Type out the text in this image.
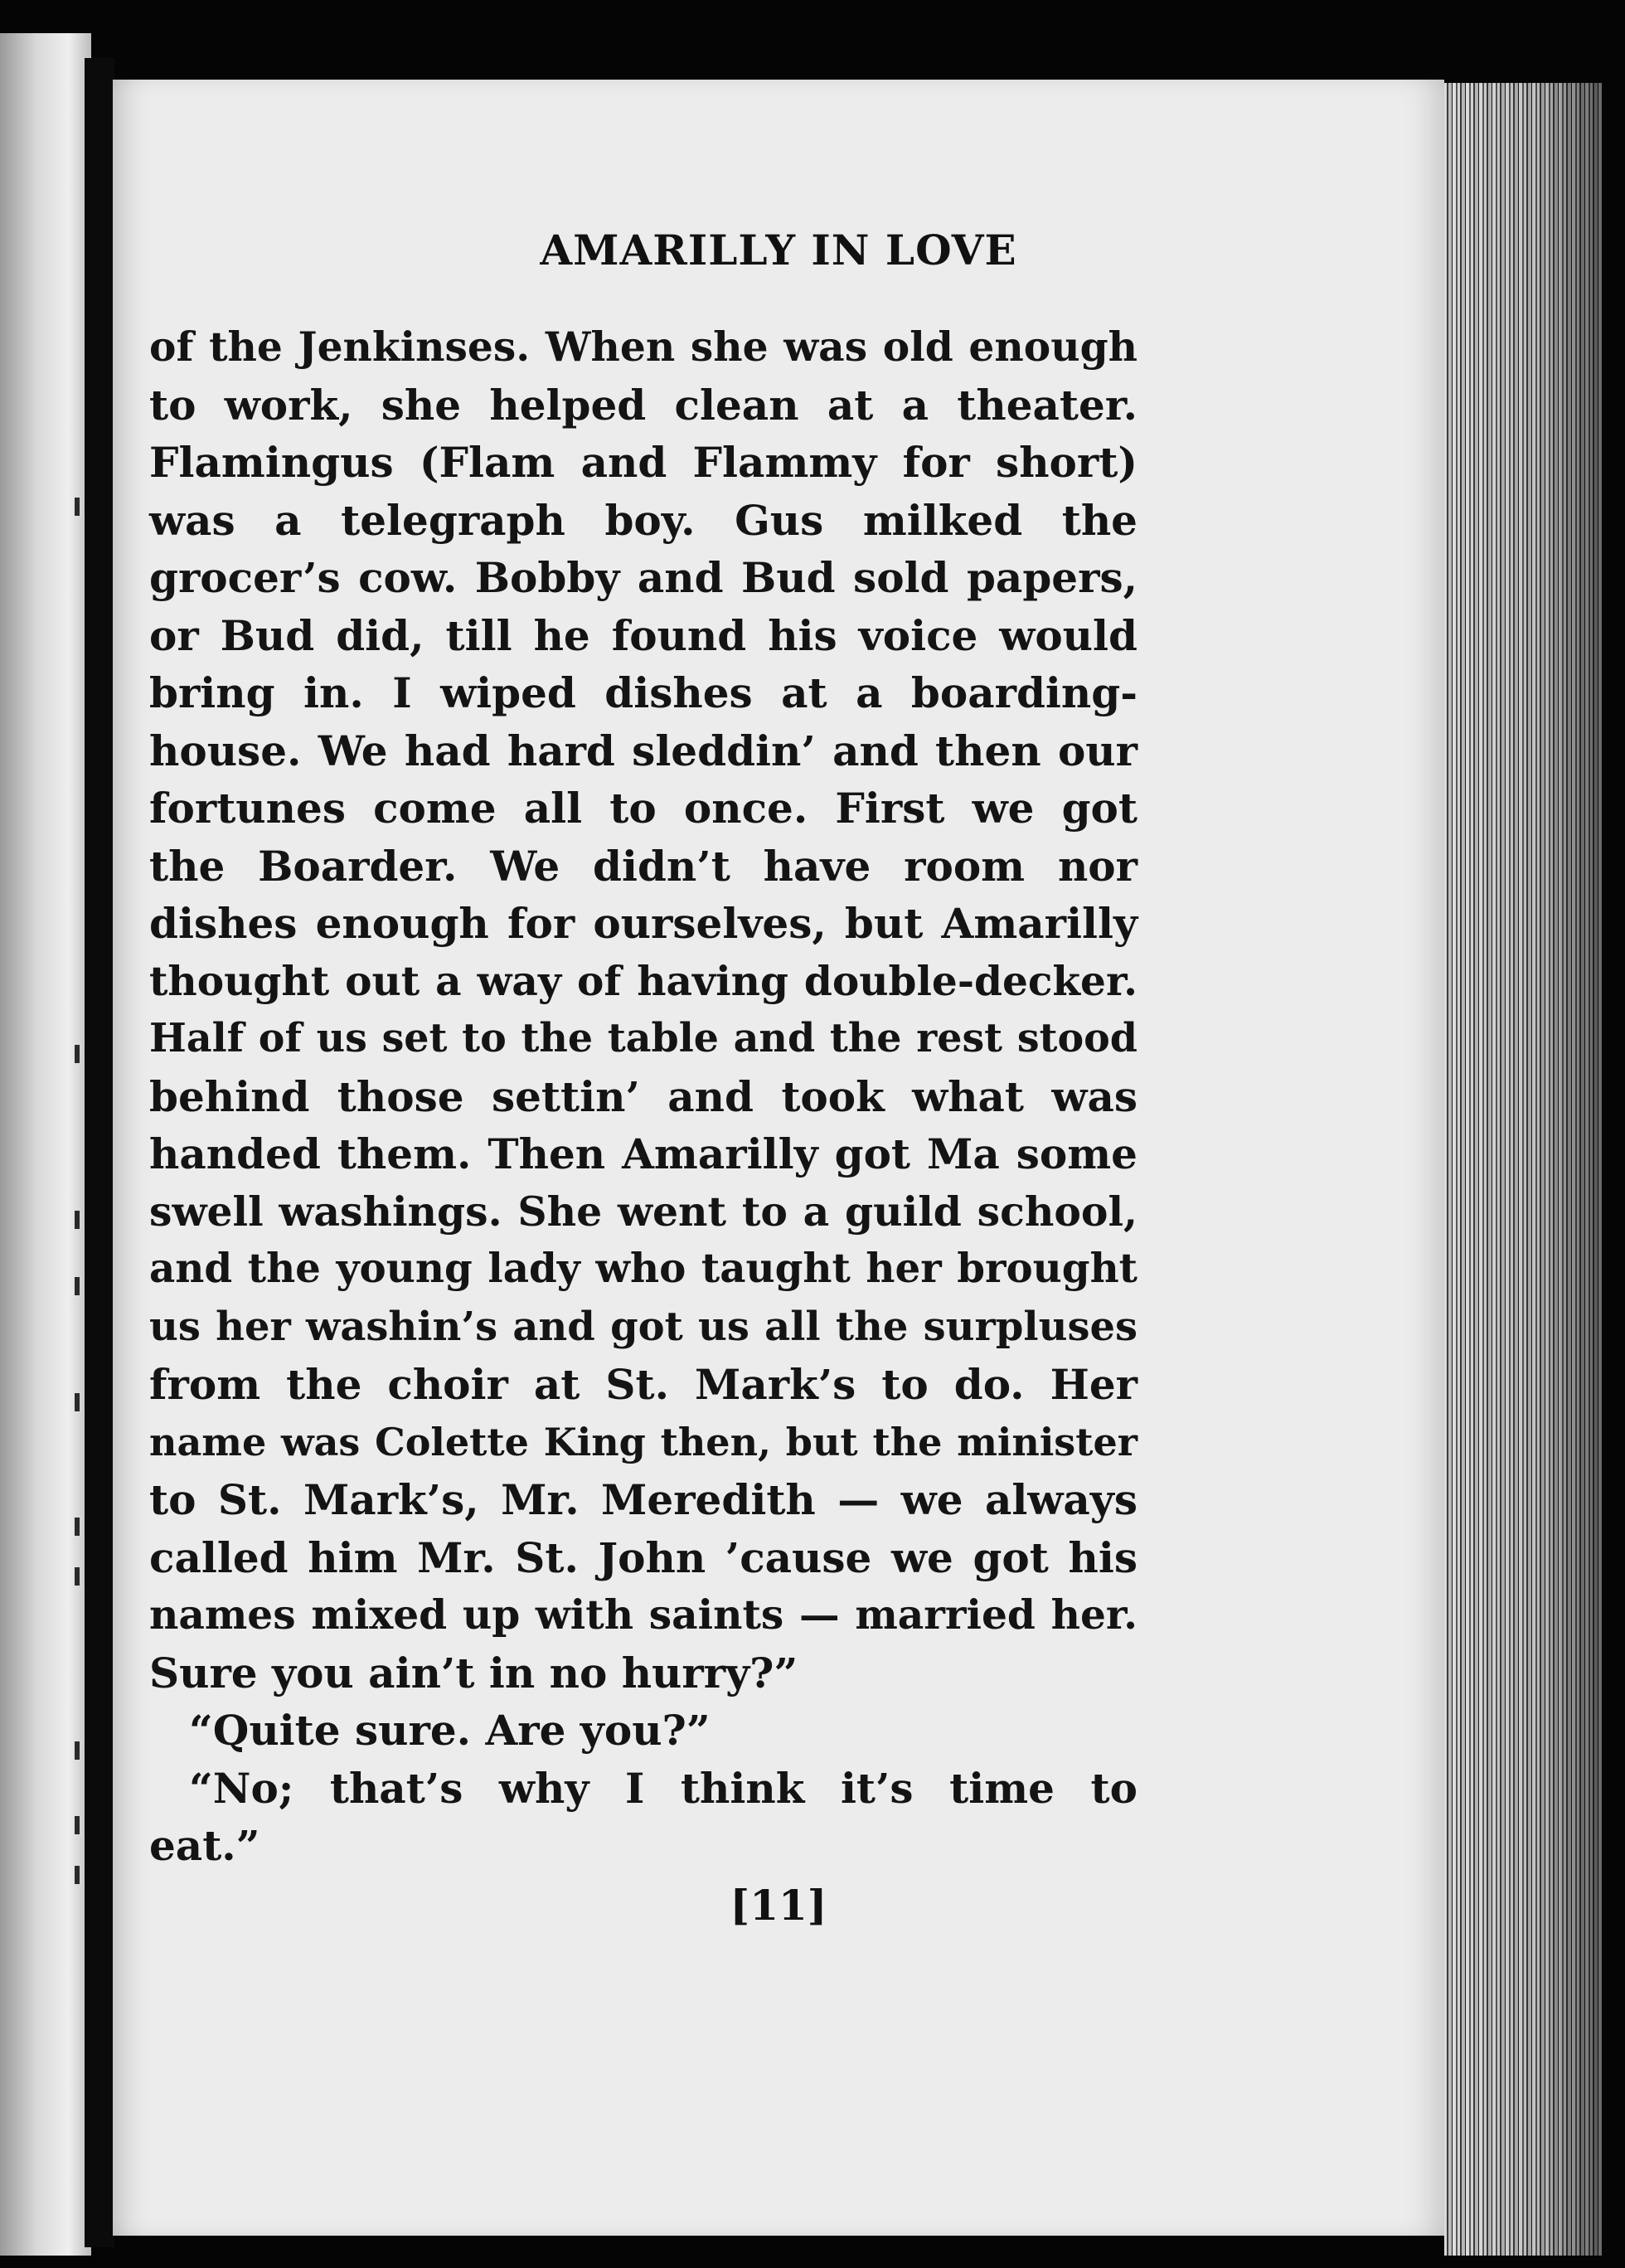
AMARILLY IN LOVE
of the Jenkinses. When she was old enough
to work, she helped clean at a theater.
Flamingus (Flam and Flammy for short)
was a telegraph boy. Gus milked the
grocer’s cow. Bobby and Bud sold papers,
or Bud did, till he found his voice would
bring in. I wiped dishes at a boarding-
house. We had hard sleddin’ and then our
fortunes come all to once. First we got
the Boarder. We didn’t have room nor
dishes enough for ourselves, but Amarilly
thought out a way of having double-decker.
Half of us set to the table and the rest stood
behind those settin’ and took what was
handed them. Then Amarilly got Ma some
swell washings. She went to a guild school,
and the young lady who taught her brought
us her washin’s and got us all the surpluses
from the choir at St. Mark’s to do. Her
name was Colette King then, but the minister
to St. Mark’s, Mr. Meredith — we always
called him Mr. St. John ’cause we got his
names mixed up with saints — married her.
Sure you ain’t in no hurry?”
“Quite sure. Are you?”
“No; that’s why I think it’s time to
eat.”
[11]
